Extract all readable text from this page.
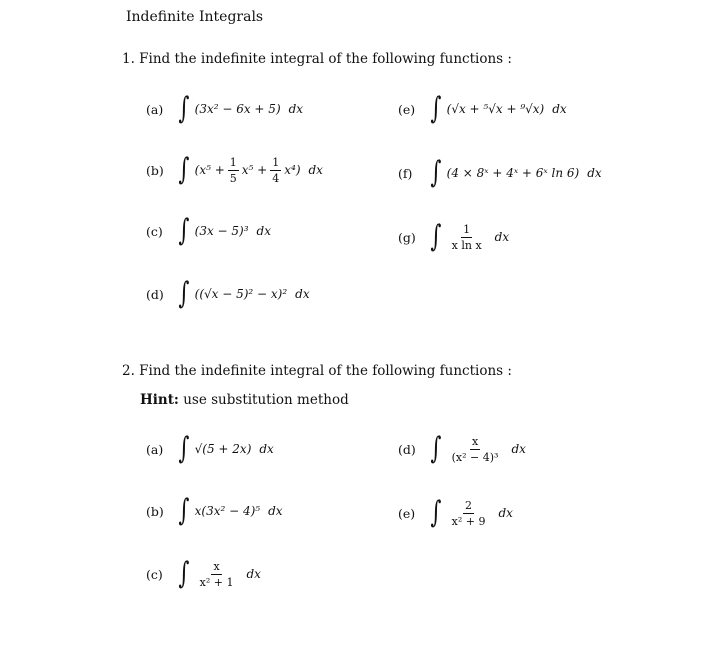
Indefinite Integrals
1. Find the indefinite integral of the following functions :
(a) ∫ (3x² − 6x + 5) dx
(b) ∫ $(x^5 + \frac{1}{5} x^5 + \frac{1}{4} x^4)$ dx
(c) ∫ (3x − 5)³ dx
(d) ∫ ((√x − 5)² − x)² dx
(e) ∫ (√x + ⁵√x + ⁹√x) dx
(f) ∫ (4 × 8ˣ + 4ˣ + 6ˣ ln 6) dx
(g) ∫ $\frac{1}{\text{x ln x}}$ dx
2. Find the indefinite integral of the following functions :
Hint: use substitution method
(a) ∫ √(5 + 2x) dx
(b) ∫ x(3x² − 4)⁵ dx
(c) ∫ $\frac{x}{\text{x² + 1}}$ dx
(d) ∫ $\frac{x}{\text{(x² − 4)³}}$ dx
(e) ∫ $\frac{2}{\text{x² + 9}}$ dx
